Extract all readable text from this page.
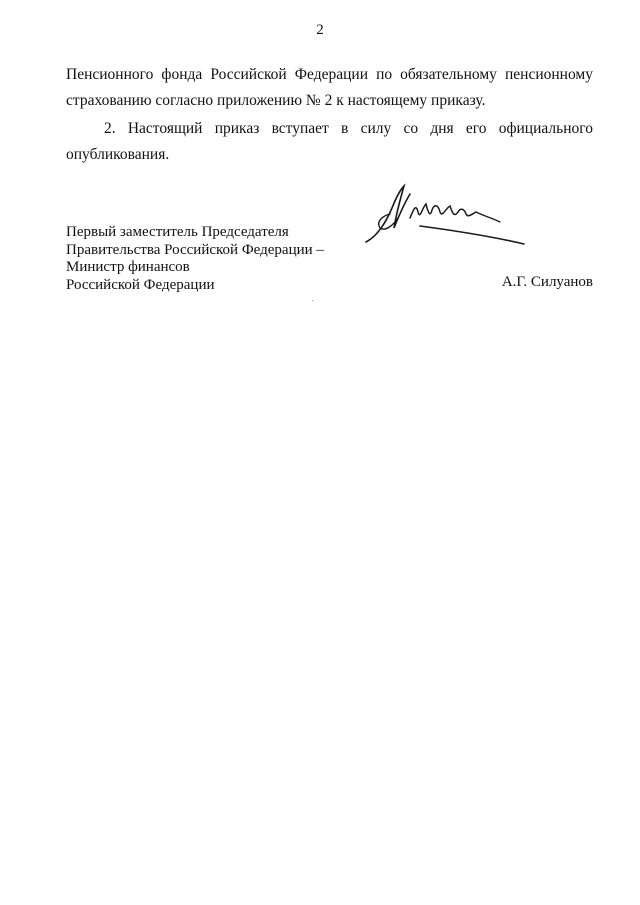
2
Пенсионного фонда Российской Федерации по обязательному пенсионному
страхованию согласно приложению № 2 к настоящему приказу.
2. Настоящий приказ вступает в силу со дня его официального
опубликования.
Первый заместитель Председателя
Правительства Российской Федерации –
Министр финансов
Российской Федерации	А.Г. Силуанов
